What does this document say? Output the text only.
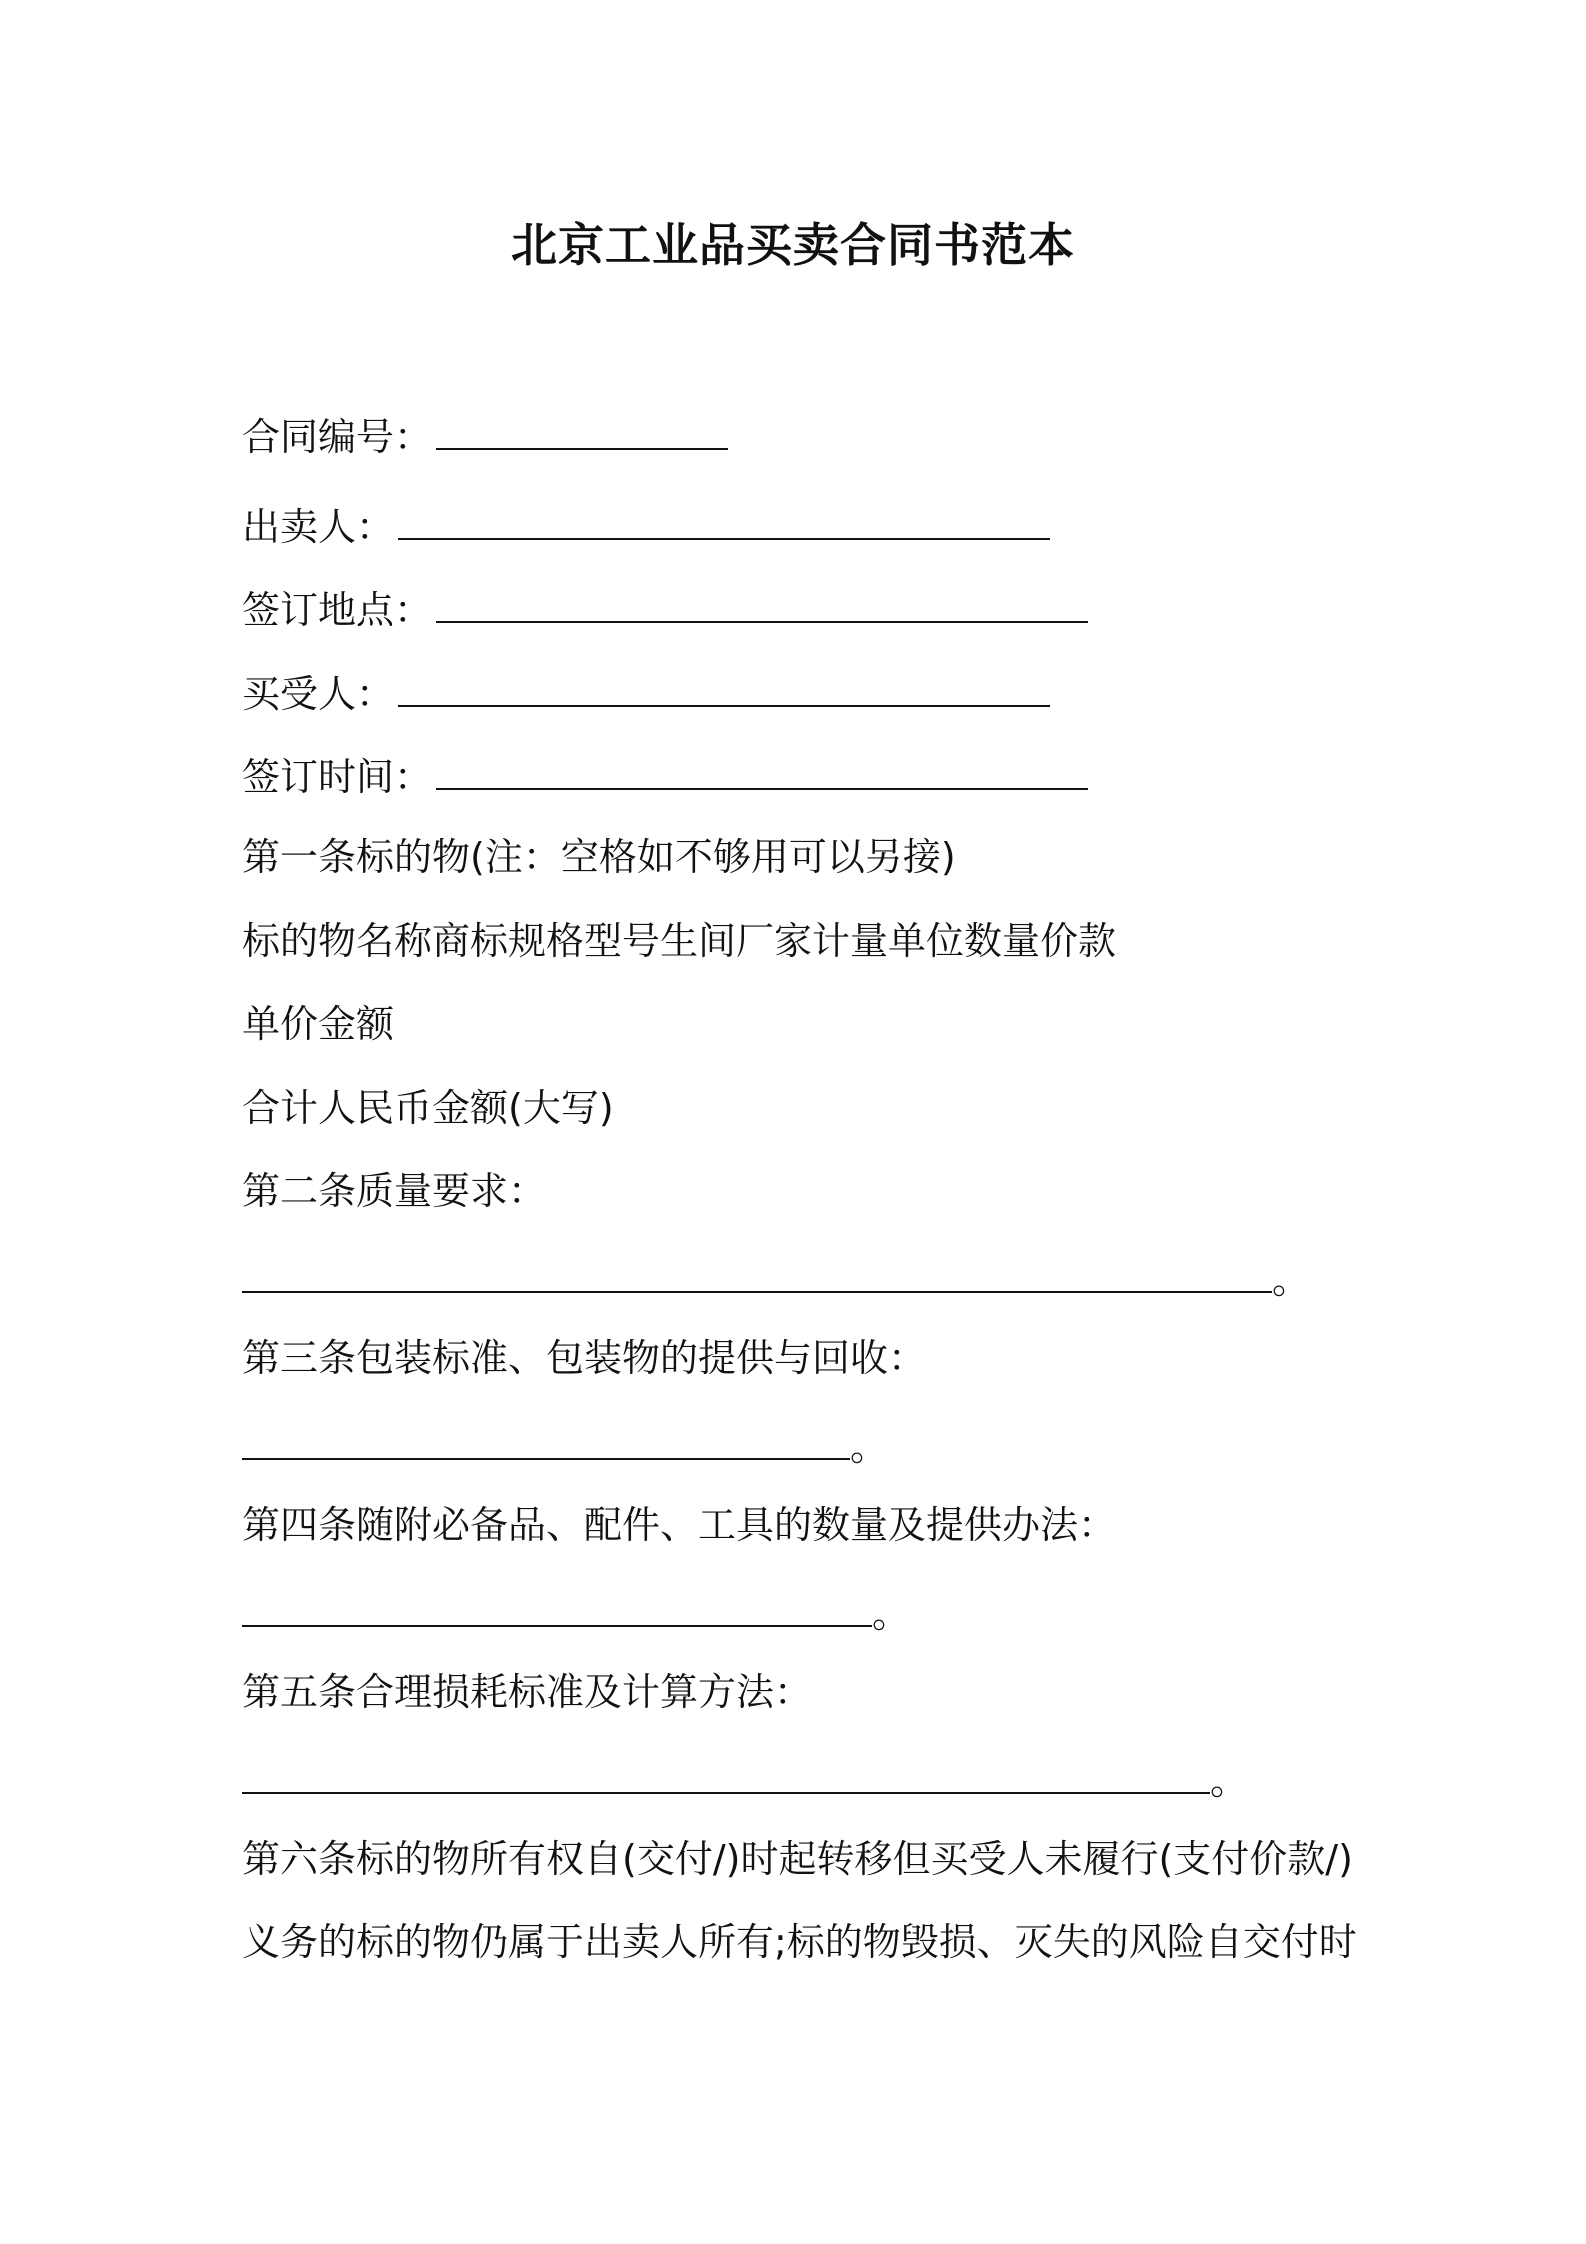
北京工业品买卖合同书范本
合同编号：
出卖人：
签订地点：
买受人：
签订时间：
第一条标的物(注：空格如不够用可以另接)
标的物名称商标规格型号生间厂家计量单位数量价款
单价金额
合计人民币金额(大写)
第二条质量要求：
。
第三条包装标准、包装物的提供与回收：
。
第四条随附必备品、配件、工具的数量及提供办法：
。
第五条合理损耗标准及计算方法：
。
第六条标的物所有权自(交付/)时起转移但买受人未履行(支付价款/)
义务的标的物仍属于出卖人所有;标的物毁损、灭失的风险自交付时
